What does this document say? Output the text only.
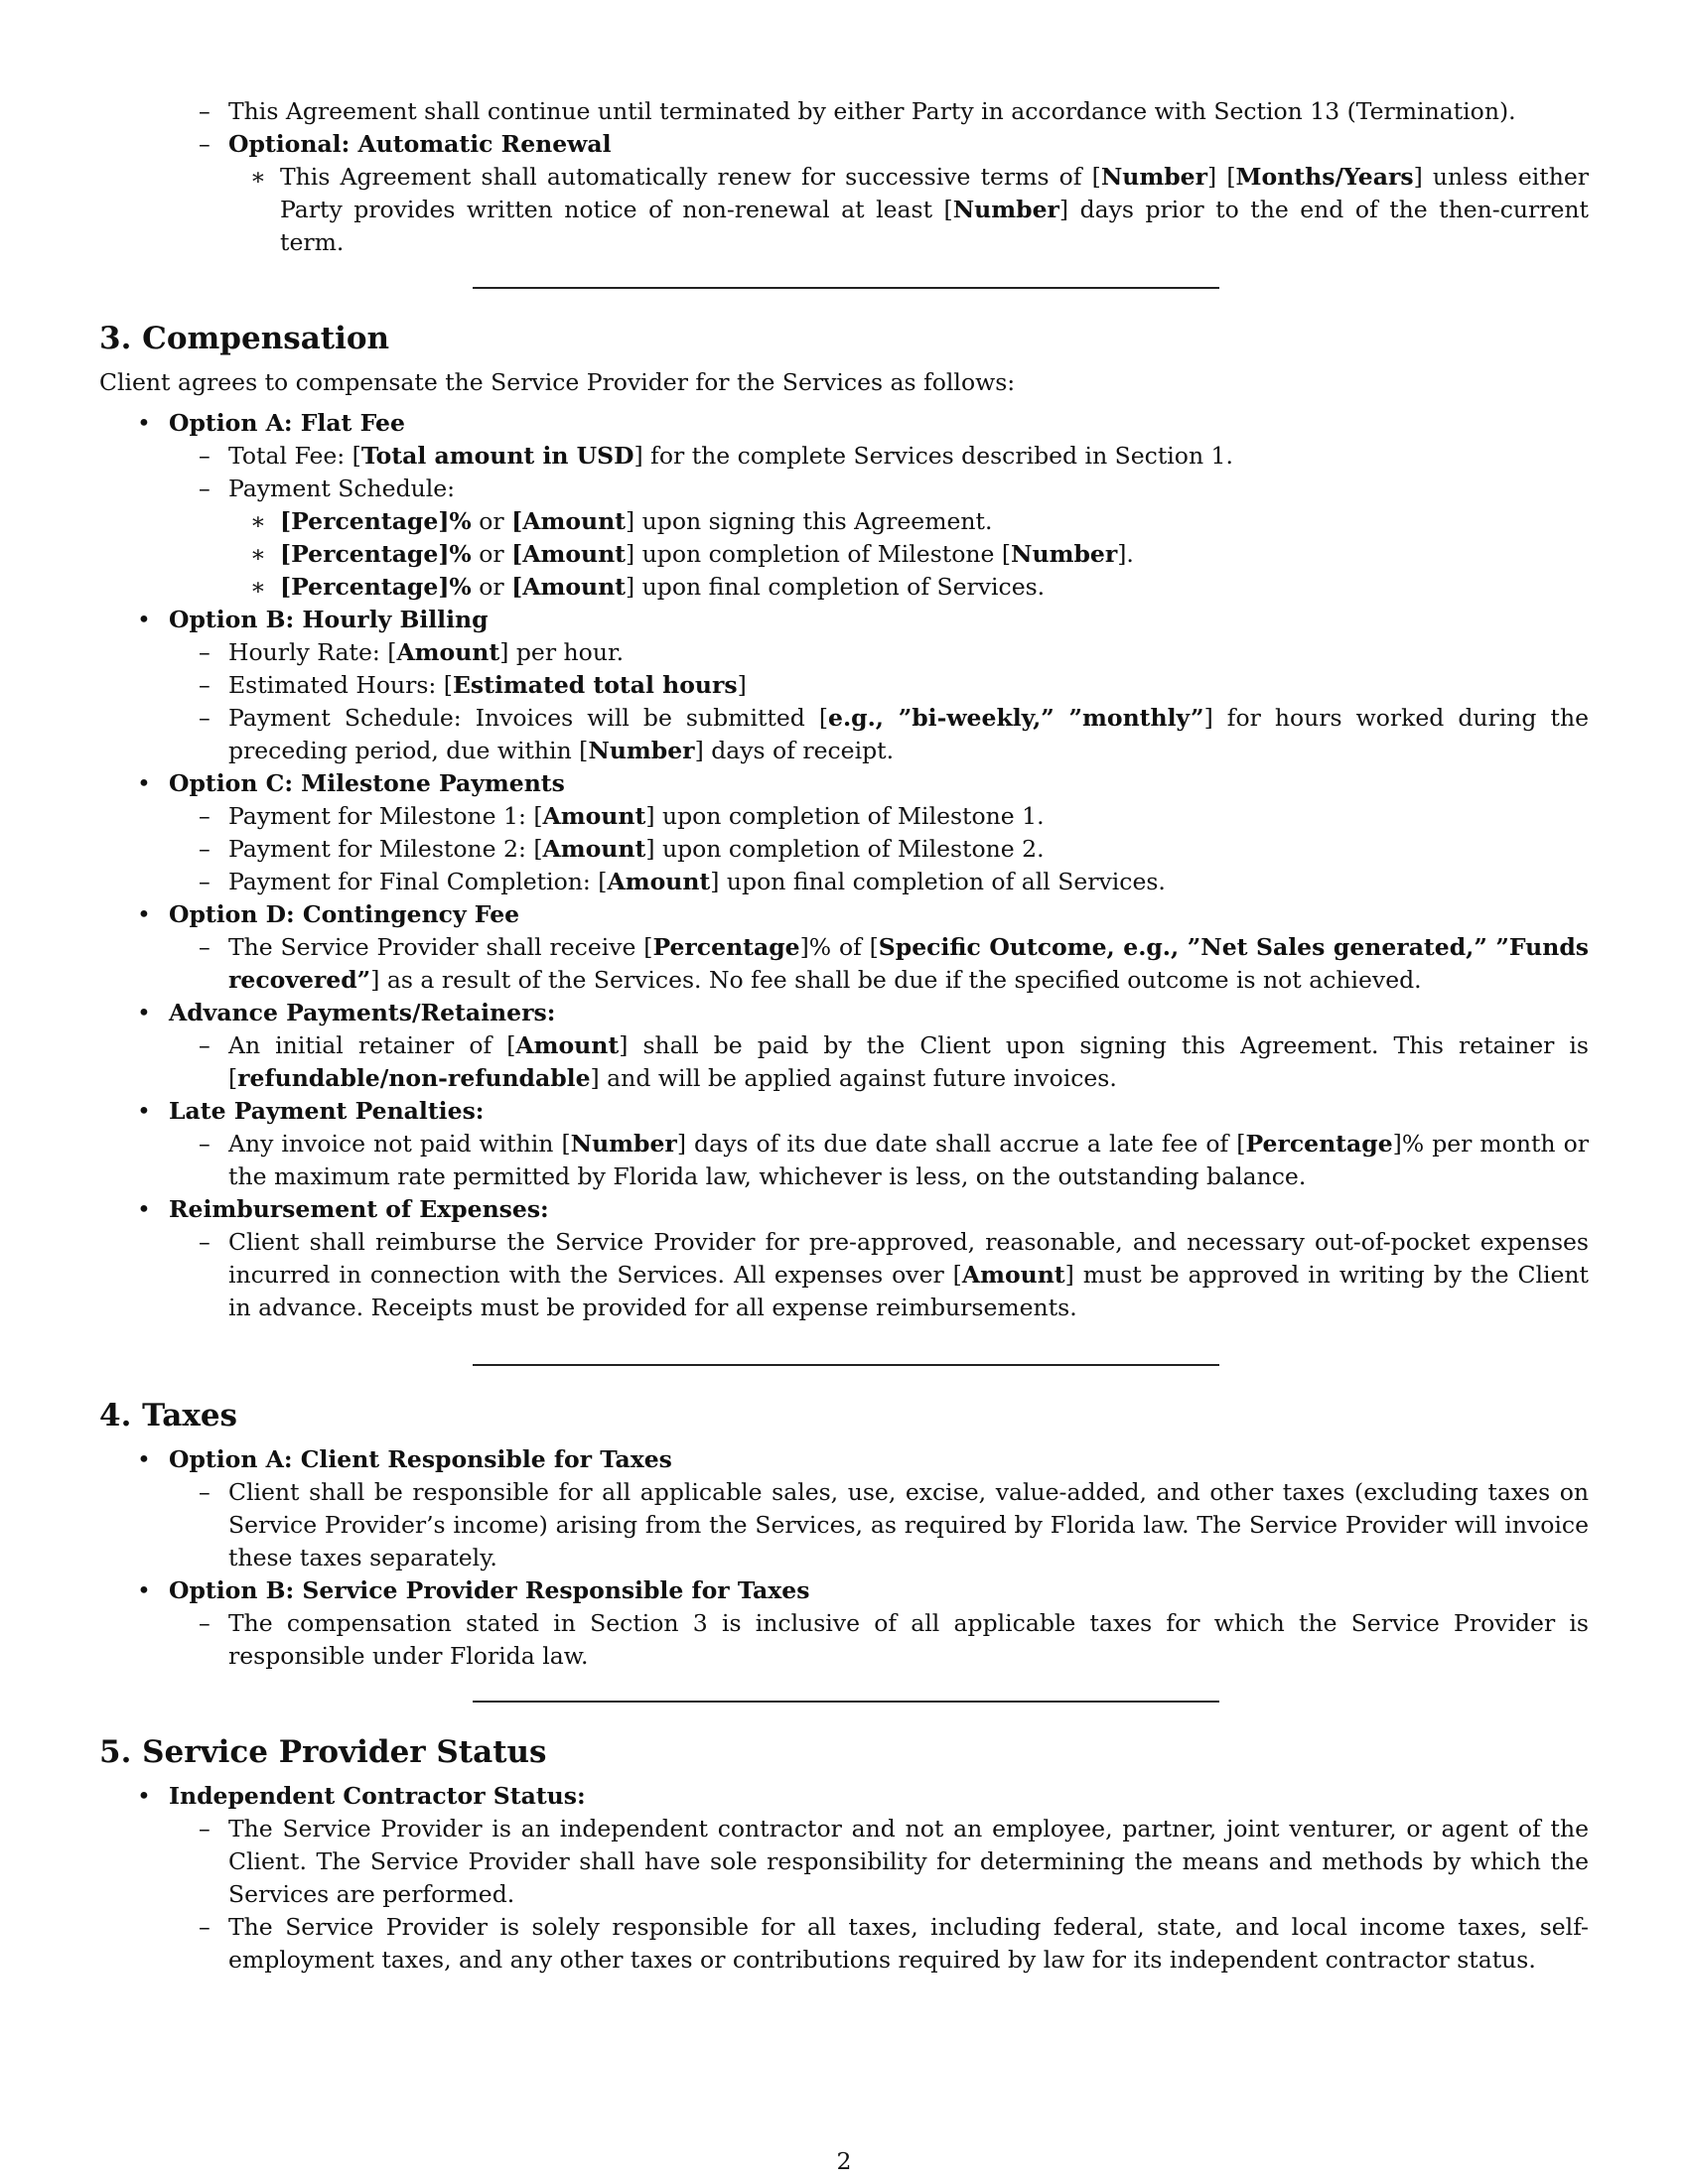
– This Agreement shall continue until terminated by either Party in accordance with Section 13 (Termination).
– Optional: Automatic Renewal
∗ This Agreement shall automatically renew for successive terms of [Number] [Months/Years] unless either Party provides written notice of non-renewal at least [Number] days prior to the end of the then-current term.
3. Compensation

Client agrees to compensate the Service Provider for the Services as follows:

• Option A: Flat Fee
– Total Fee: [Total amount in USD] for the complete Services described in Section 1.
– Payment Schedule:
∗ [Percentage]% or [Amount] upon signing this Agreement.
∗ [Percentage]% or [Amount] upon completion of Milestone [Number].
∗ [Percentage]% or [Amount] upon final completion of Services.
• Option B: Hourly Billing
– Hourly Rate: [Amount] per hour.
– Estimated Hours: [Estimated total hours]
– Payment Schedule: Invoices will be submitted [e.g., ”bi-weekly,” ”monthly”] for hours worked during the preceding period, due within [Number] days of receipt.
• Option C: Milestone Payments
– Payment for Milestone 1: [Amount] upon completion of Milestone 1.
– Payment for Milestone 2: [Amount] upon completion of Milestone 2.
– Payment for Final Completion: [Amount] upon final completion of all Services.
• Option D: Contingency Fee
– The Service Provider shall receive [Percentage]% of [Specific Outcome, e.g., ”Net Sales generated,” ”Funds recovered”] as a result of the Services. No fee shall be due if the specified outcome is not achieved.
• Advance Payments/Retainers:
– An initial retainer of [Amount] shall be paid by the Client upon signing this Agreement. This retainer is [refundable/non-refundable] and will be applied against future invoices.
• Late Payment Penalties:
– Any invoice not paid within [Number] days of its due date shall accrue a late fee of [Percentage]% per month or the maximum rate permitted by Florida law, whichever is less, on the outstanding balance.
• Reimbursement of Expenses:
– Client shall reimburse the Service Provider for pre-approved, reasonable, and necessary out-of-pocket expenses incurred in connection with the Services. All expenses over [Amount] must be approved in writing by the Client in advance. Receipts must be provided for all expense reimbursements.
4. Taxes
• Option A: Client Responsible for Taxes
– Client shall be responsible for all applicable sales, use, excise, value-added, and other taxes (excluding taxes on Service Provider’s income) arising from the Services, as required by Florida law. The Service Provider will invoice these taxes separately.
• Option B: Service Provider Responsible for Taxes
– The compensation stated in Section 3 is inclusive of all applicable taxes for which the Service Provider is responsible under Florida law.
5. Service Provider Status
• Independent Contractor Status:
– The Service Provider is an independent contractor and not an employee, partner, joint venturer, or agent of the Client. The Service Provider shall have sole responsibility for determining the means and methods by which the Services are performed.
– The Service Provider is solely responsible for all taxes, including federal, state, and local income taxes, self-employment taxes, and any other taxes or contributions required by law for its independent contractor status.
2
